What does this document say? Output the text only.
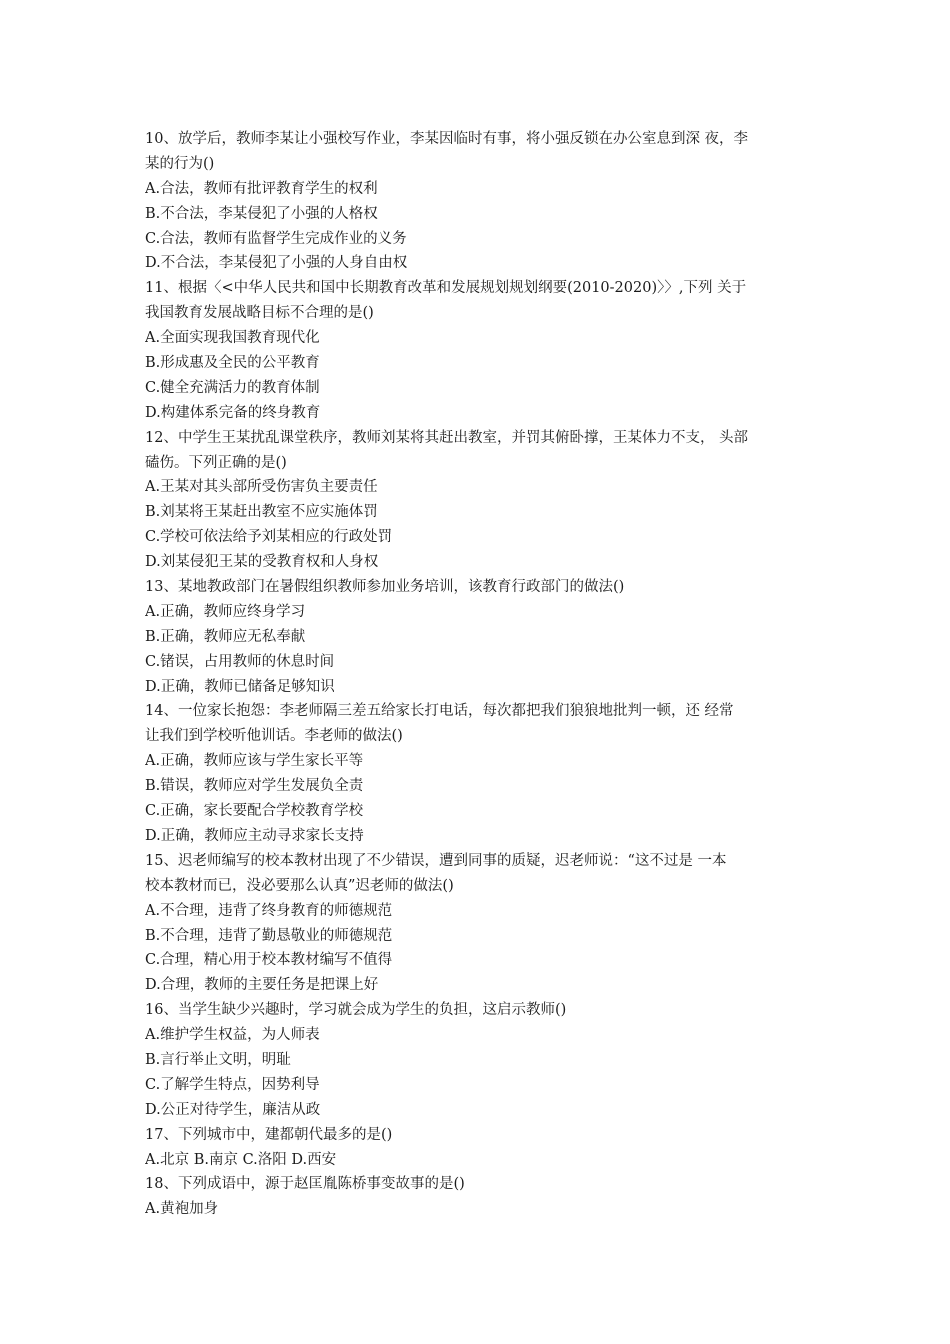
10、放学后，教师李某让小强校写作业，李某因临时有事，将小强反锁在办公室息到深 夜，李
某的行为()
A.合法，教师有批评教育学生的权利
B.不合法，李某侵犯了小强的人格权
C.合法，教师有监督学生完成作业的义务
D.不合法，李某侵犯了小强的人身自由权
11、根据〈<中华人民共和国中长期教育改革和发展规划规划纲要(2010-2020)〉〉,下列 关于
我国教育发展战略目标不合理的是()
A.全面实现我国教育现代化
B.形成惠及全民的公平教育
C.健全充满活力的教育体制
D.构建体系完备的终身教育
12、中学生王某扰乱课堂秩序，教师刘某将其赶出教室，并罚其俯卧撑，王某体力不支， 头部
磕伤。下列正确的是()
A.王某对其头部所受伤害负主要责任
B.刘某将王某赶出教室不应实施体罚
C.学校可依法给予刘某相应的行政处罚
D.刘某侵犯王某的受教育权和人身权
13、某地教政部门在暑假组织教师参加业务培训，该教育行政部门的做法()
A.正确，教师应终身学习
B.正确，教师应无私奉献
C.锗误，占用教师的休息时间
D.正确，教师已储备足够知识
14、一位家长抱怨：李老师隔三差五给家长打电话，每次都把我们狼狼地批判一顿，还 经常
让我们到学校听他训话。李老师的做法()
A.正确，教师应该与学生家长平等
B.错误，教师应对学生发展负全责
C.正确，家长要配合学校教育学校
D.正确，教师应主动寻求家长支持
15、迟老师编写的校本教材出现了不少错误，遭到同事的质疑，迟老师说：“这不过是 一本
校本教材而已，没必要那么认真”迟老师的做法()
A.不合理，违背了终身教育的师德规范
B.不合理，违背了勤恳敬业的师德规范
C.合理，精心用于校本教材编写不值得
D.合理，教师的主要任务是把课上好
16、当学生缺少兴趣时，学习就会成为学生的负担，这启示教师()
A.维护学生权益，为人师表
B.言行举止文明，明耻
C.了解学生特点，因势利导
D.公正对待学生，廉洁从政
17、下列城市中，建都朝代最多的是()
A.北京 B.南京 C.洛阳 D.西安
18、下列成语中，源于赵匡胤陈桥事变故事的是()
A.黄袍加身
